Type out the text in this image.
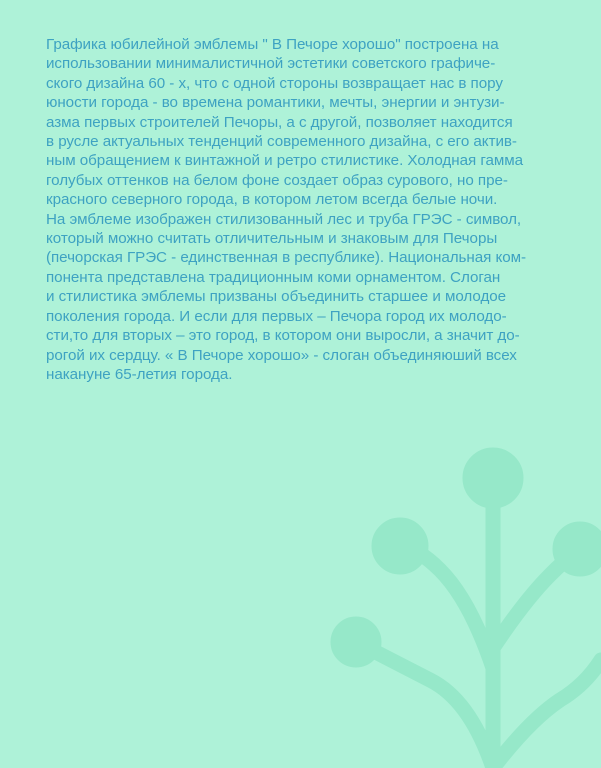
Графика юбилейной эмблемы " В Печоре хорошо" построена на
использовании минималистичной эстетики советского графиче-
ского дизайна 60 - х, что с одной стороны возвращает нас в пору
юности города - во времена романтики, мечты, энергии и энтузи-
азма первых строителей Печоры, а с другой, позволяет находится
в русле актуальных тенденций современного дизайна, с его актив-
ным обращением к винтажной и ретро стилистике. Холодная гамма
голубых оттенков на белом фоне создает образ сурового, но пре-
красного северного города, в котором летом всегда белые ночи.
На эмблеме изображен стилизованный лес и труба ГРЭС - символ,
который можно считать отличительным и знаковым для Печоры
(печорская ГРЭС - единственная в республике). Национальная ком-
понента представлена традиционным коми орнаментом. Слоган
и стилистика эмблемы призваны объединить старшее и молодое
поколения города. И если для первых – Печора город их молодо-
сти,то для вторых – это город, в котором они выросли, а значит до-
рогой их сердцу. « В Печоре хорошо» - слоган объединяюший всех
накануне 65-летия города.
